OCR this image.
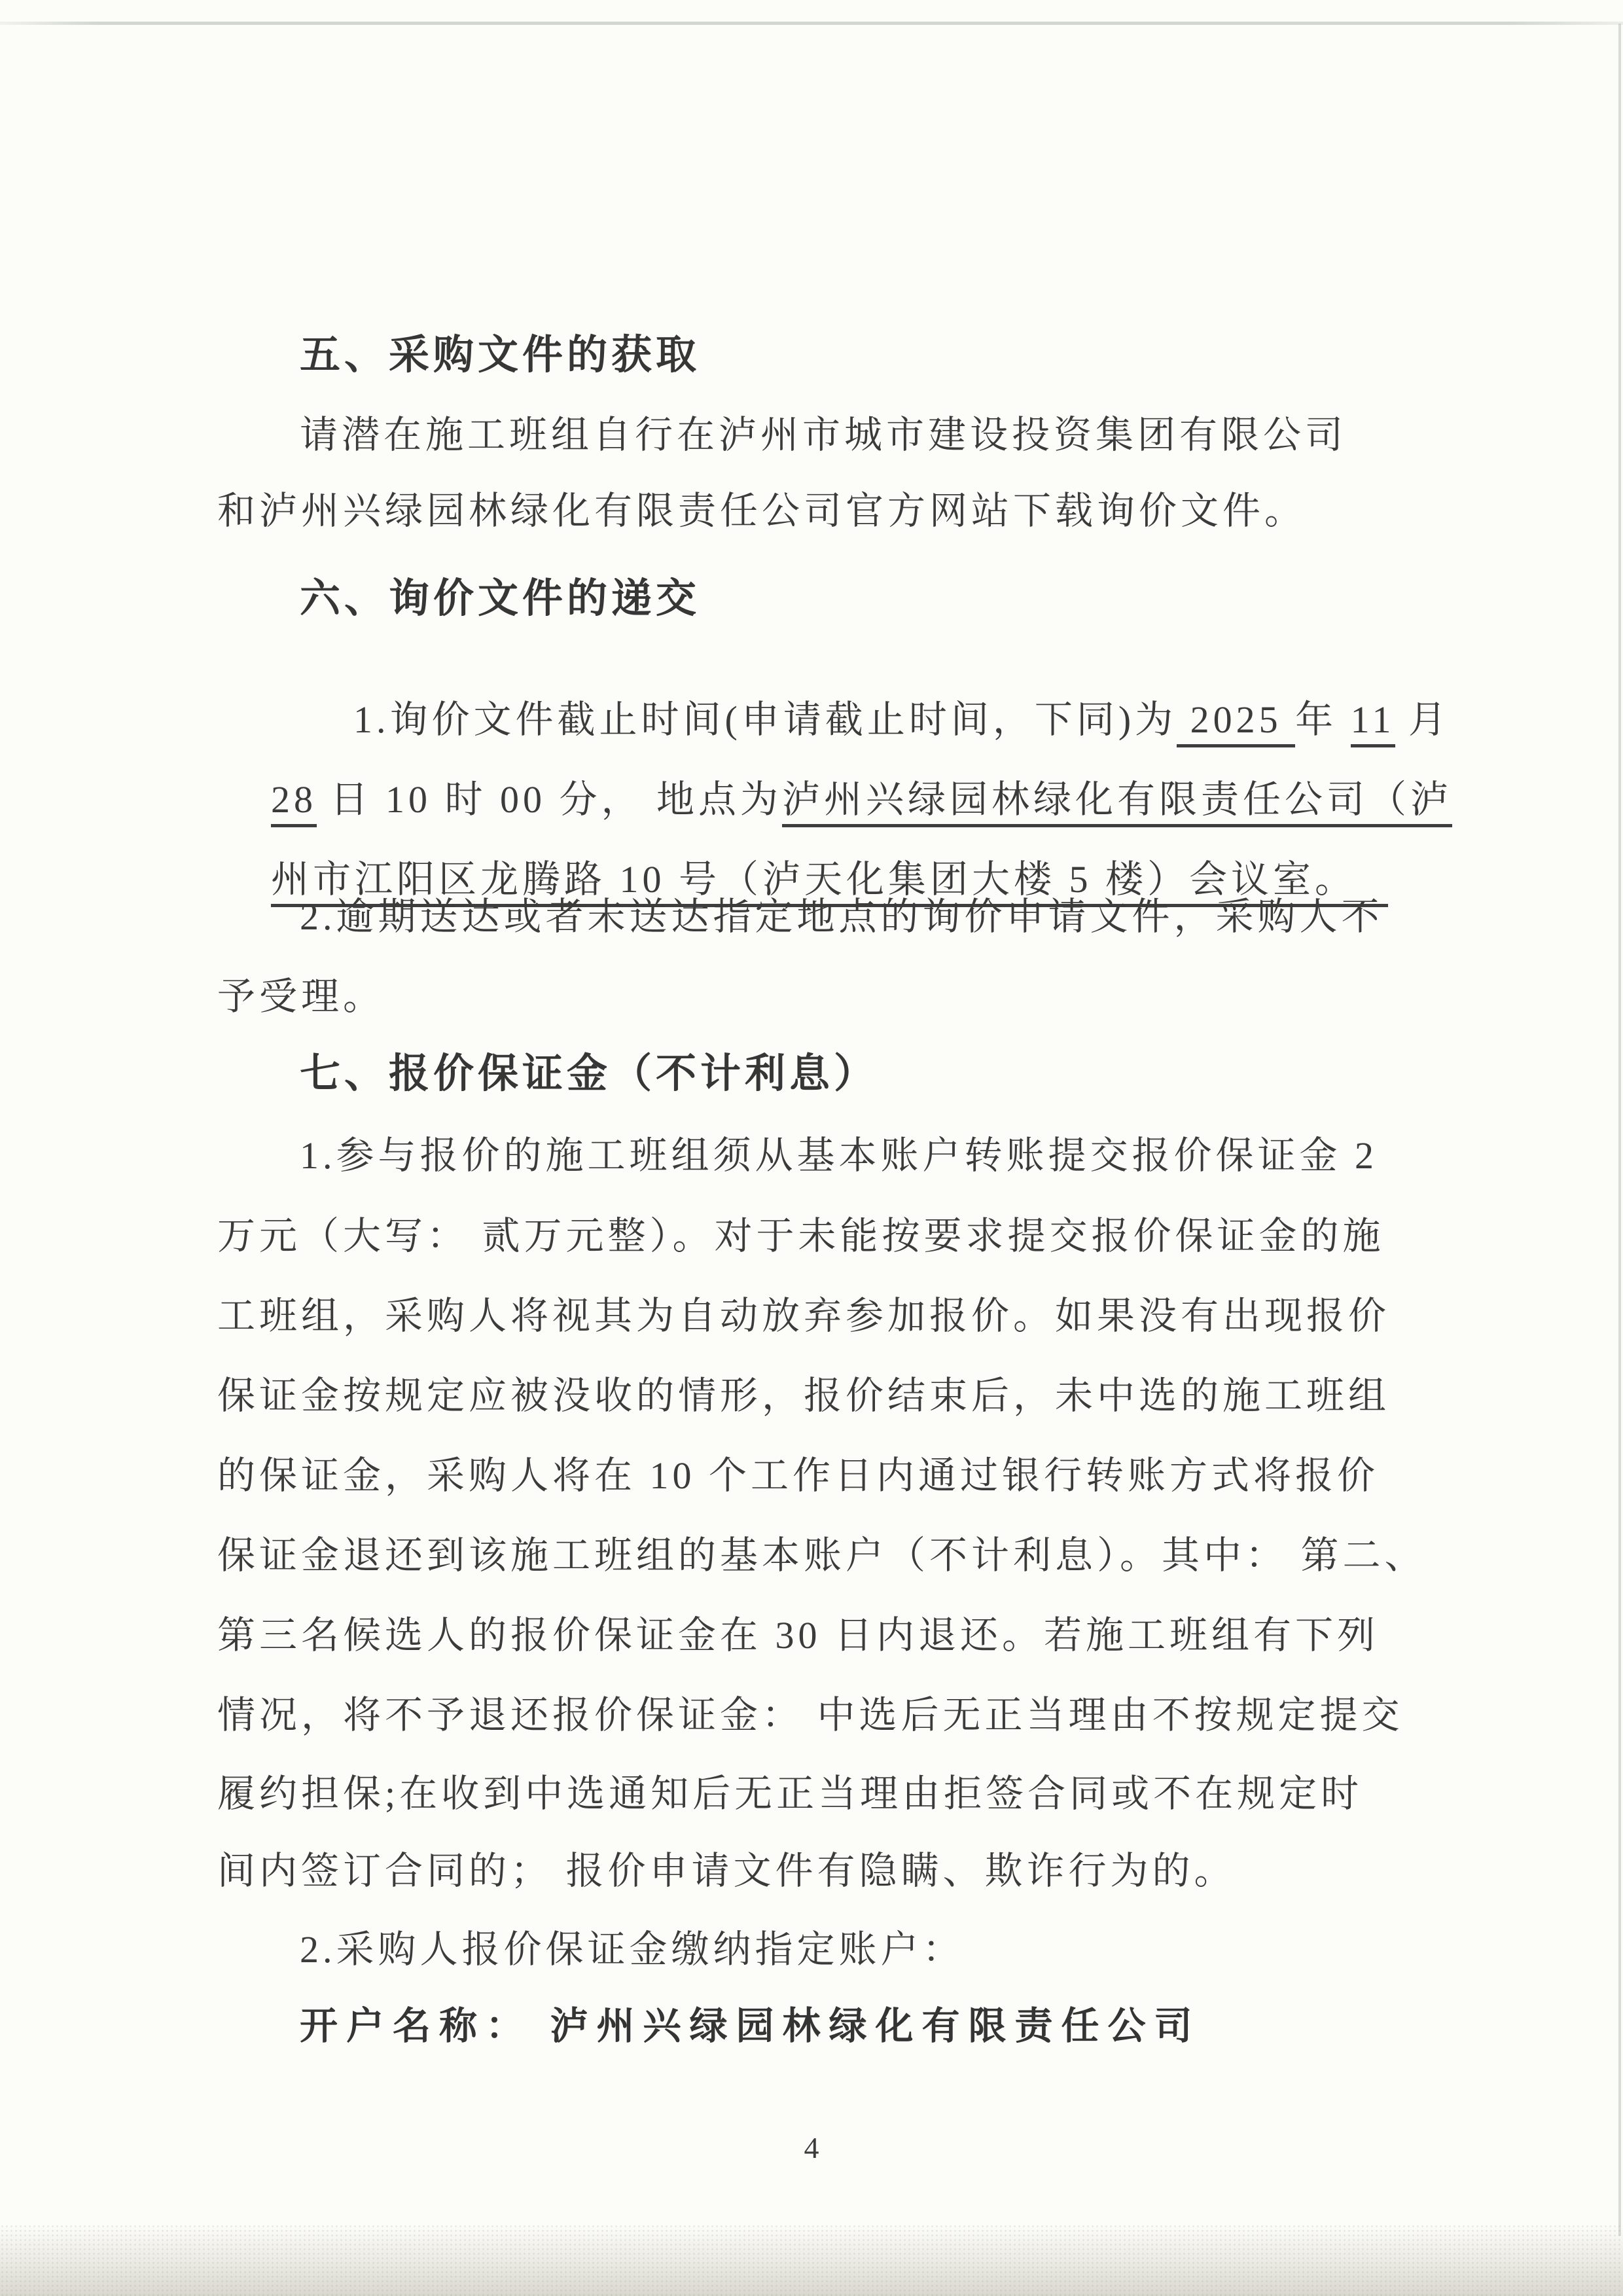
五、采购文件的获取
请潜在施工班组自行在泸州市城市建设投资集团有限公司
和泸州兴绿园林绿化有限责任公司官方网站下载询价文件。
六、询价文件的递交

1.询价文件截止时间(申请截止时间，下同)为 2025 年 11 月

28 日 10 时 00 分， 地点为泸州兴绿园林绿化有限责任公司（泸

州市江阳区龙腾路 10 号（泸天化集团大楼 5 楼）会议室。

2.逾期送达或者未送达指定地点的询价申请文件，采购人不
予受理。
七、报价保证金（不计利息）
1.参与报价的施工班组须从基本账户转账提交报价保证金 2
万元（大写： 贰万元整）。对于未能按要求提交报价保证金的施
工班组，采购人将视其为自动放弃参加报价。如果没有出现报价
保证金按规定应被没收的情形，报价结束后，未中选的施工班组
的保证金，采购人将在 10 个工作日内通过银行转账方式将报价
保证金退还到该施工班组的基本账户（不计利息）。其中： 第二、
第三名候选人的报价保证金在 30 日内退还。若施工班组有下列
情况，将不予退还报价保证金： 中选后无正当理由不按规定提交
履约担保;在收到中选通知后无正当理由拒签合同或不在规定时
间内签订合同的； 报价申请文件有隐瞒、欺诈行为的。
2.采购人报价保证金缴纳指定账户：
开户名称： 泸州兴绿园林绿化有限责任公司
4
